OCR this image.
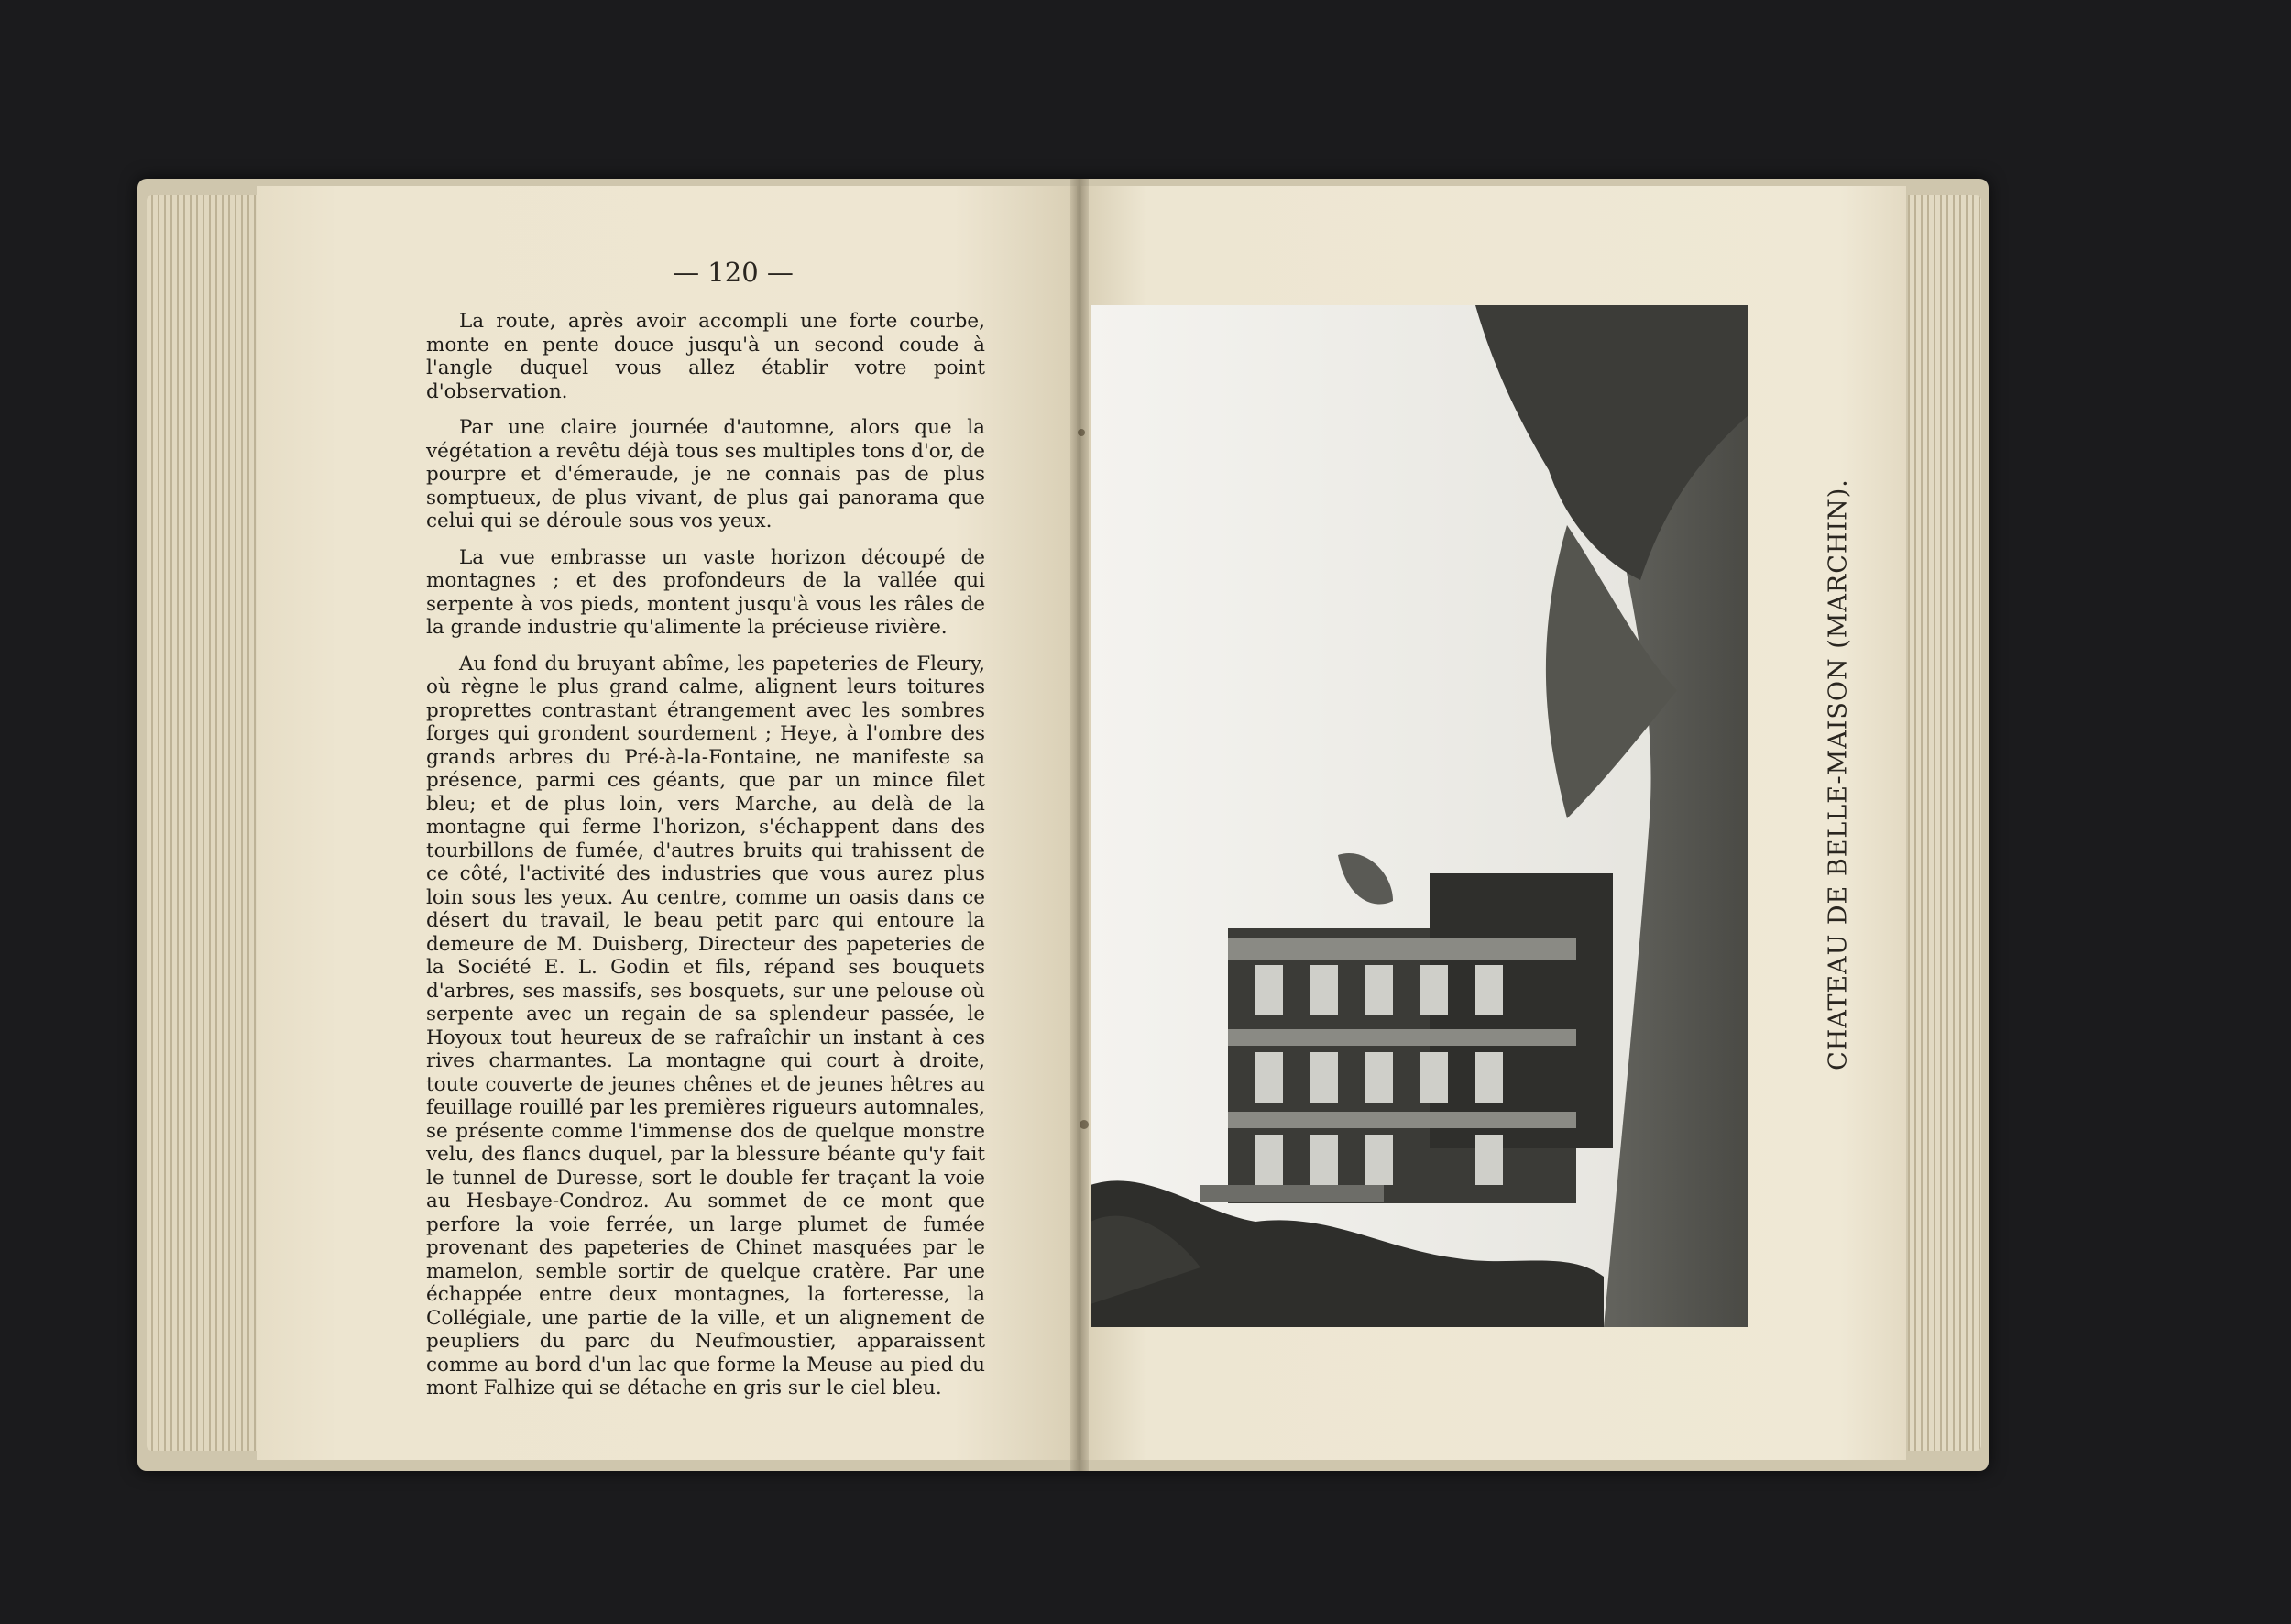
— 120 —

La route, après avoir accompli une forte courbe, monte en pente douce jusqu'à un second coude à l'angle duquel vous allez établir votre point d'observation.

Par une claire journée d'automne, alors que la végétation a revêtu déjà tous ses multiples tons d'or, de pourpre et d'émeraude, je ne connais pas de plus somptueux, de plus vivant, de plus gai panorama que celui qui se déroule sous vos yeux.

La vue embrasse un vaste horizon découpé de montagnes ; et des profondeurs de la vallée qui serpente à vos pieds, montent jusqu'à vous les râles de la grande industrie qu'alimente la précieuse rivière.

Au fond du bruyant abîme, les papeteries de Fleury, où règne le plus grand calme, alignent leurs toitures proprettes contrastant étrangement avec les sombres forges qui grondent sourdement ; Heye, à l'ombre des grands arbres du Pré-à-la-Fontaine, ne manifeste sa présence, parmi ces géants, que par un mince filet bleu; et de plus loin, vers Marche, au delà de la montagne qui ferme l'horizon, s'échappent dans des tourbillons de fumée, d'autres bruits qui trahissent de ce côté, l'activité des industries que vous aurez plus loin sous les yeux. Au centre, comme un oasis dans ce désert du travail, le beau petit parc qui entoure la demeure de M. Duisberg, Directeur des papeteries de la Société E. L. Godin et fils, répand ses bouquets d'arbres, ses massifs, ses bosquets, sur une pelouse où serpente avec un regain de sa splendeur passée, le Hoyoux tout heureux de se rafraîchir un instant à ces rives charmantes. La montagne qui court à droite, toute couverte de jeunes chênes et de jeunes hêtres au feuillage rouillé par les premières rigueurs automnales, se présente comme l'immense dos de quelque monstre velu, des flancs duquel, par la blessure béante qu'y fait le tunnel de Duresse, sort le double fer traçant la voie au Hesbaye-Condroz. Au sommet de ce mont que perfore la voie ferrée, un large plumet de fumée provenant des papeteries de Chinet masquées par le mamelon, semble sortir de quelque cratère. Par une échappée entre deux montagnes, la forteresse, la Collégiale, une partie de la ville, et un alignement de peupliers du parc du Neufmoustier, apparaissent comme au bord d'un lac que forme la Meuse au pied du mont Falhize qui se détache en gris sur le ciel bleu.

CHATEAU DE BELLE-MAISON (MARCHIN).
